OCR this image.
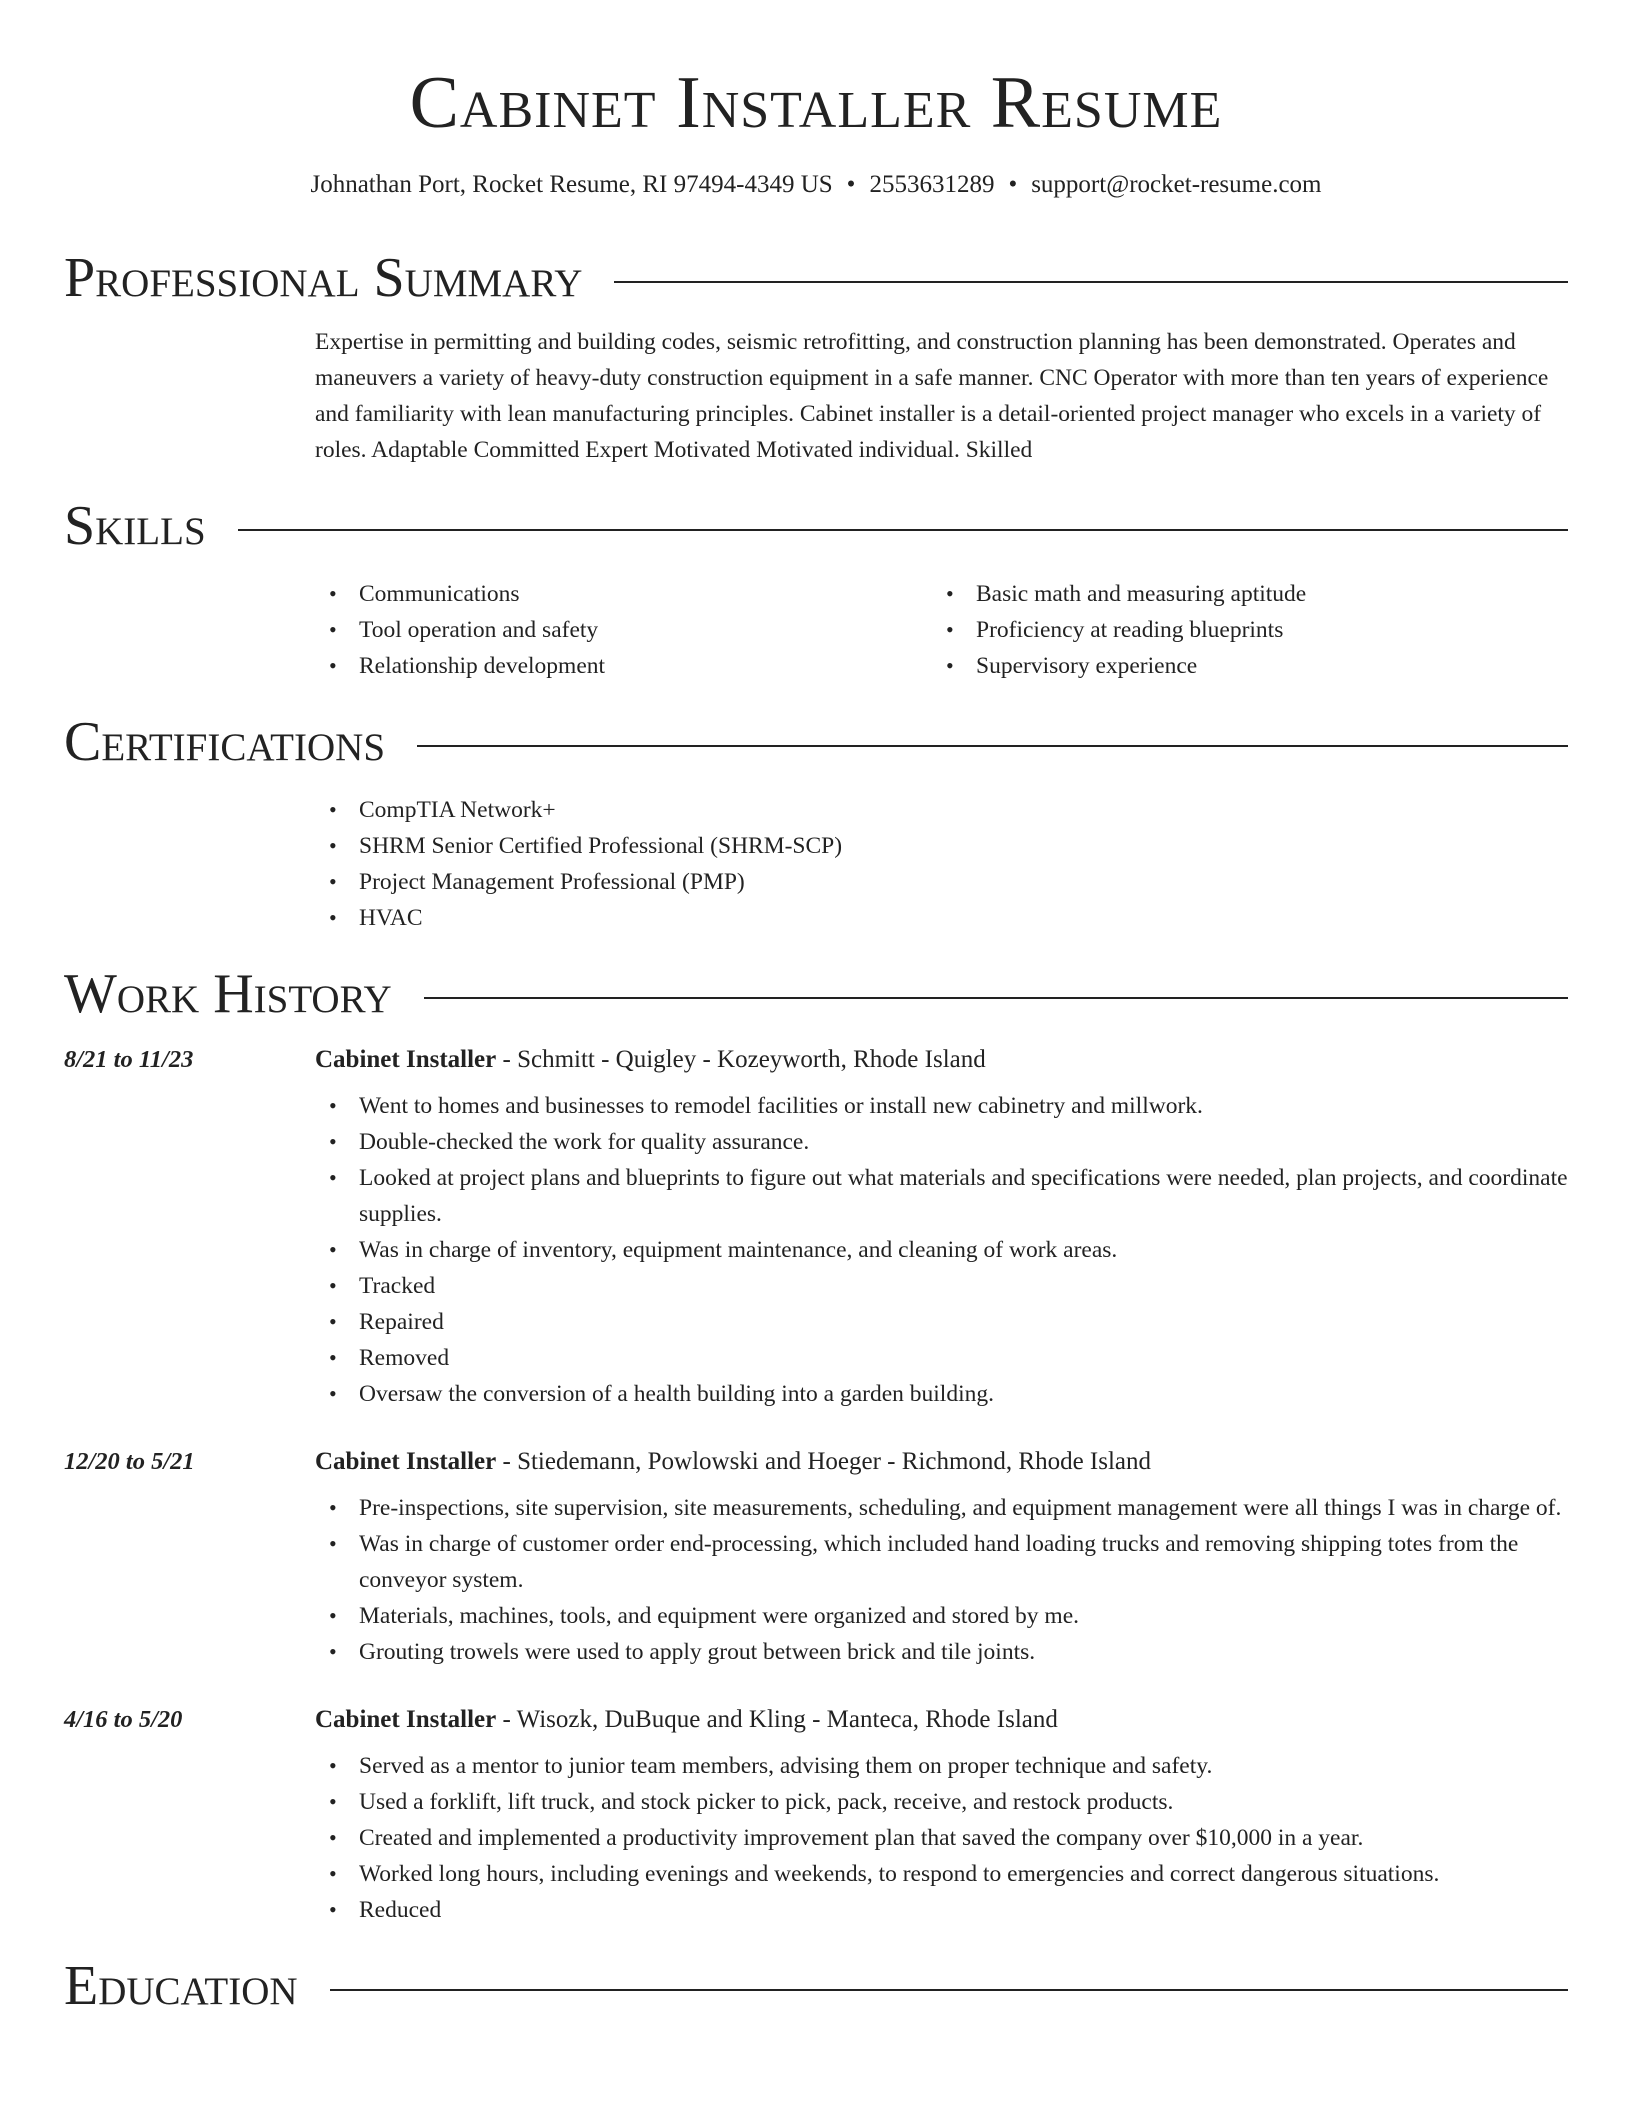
Cabinet Installer Resume
Johnathan Port, Rocket Resume, RI 97494-4349 US • 2553631289 • support@rocket-resume.com
Professional Summary

Expertise in permitting and building codes, seismic retrofitting, and construction planning has been demonstrated. Operates and maneuvers a variety of heavy-duty construction equipment in a safe manner. CNC Operator with more than ten years of experience and familiarity with lean manufacturing principles. Cabinet installer is a detail-oriented project manager who excels in a variety of roles. Adaptable Committed Expert Motivated Motivated individual. Skilled

Skills
• Communications
• Tool operation and safety
• Relationship development
• Basic math and measuring aptitude
• Proficiency at reading blueprints
• Supervisory experience
Certifications
• CompTIA Network+
• SHRM Senior Certified Professional (SHRM-SCP)
• Project Management Professional (PMP)
• HVAC
Work History
8/21 to 11/23	Cabinet Installer - Schmitt - Quigley - Kozeyworth, Rhode Island
• Went to homes and businesses to remodel facilities or install new cabinetry and millwork.
• Double-checked the work for quality assurance.
• Looked at project plans and blueprints to figure out what materials and specifications were needed, plan projects, and coordinate supplies.
• Was in charge of inventory, equipment maintenance, and cleaning of work areas.
• Tracked
• Repaired
• Removed
• Oversaw the conversion of a health building into a garden building.
12/20 to 5/21	Cabinet Installer - Stiedemann, Powlowski and Hoeger - Richmond, Rhode Island
• Pre-inspections, site supervision, site measurements, scheduling, and equipment management were all things I was in charge of.
• Was in charge of customer order end-processing, which included hand loading trucks and removing shipping totes from the conveyor system.
• Materials, machines, tools, and equipment were organized and stored by me.
• Grouting trowels were used to apply grout between brick and tile joints.
4/16 to 5/20	Cabinet Installer - Wisozk, DuBuque and Kling - Manteca, Rhode Island
• Served as a mentor to junior team members, advising them on proper technique and safety.
• Used a forklift, lift truck, and stock picker to pick, pack, receive, and restock products.
• Created and implemented a productivity improvement plan that saved the company over $10,000 in a year.
• Worked long hours, including evenings and weekends, to respond to emergencies and correct dangerous situations.
• Reduced
Education
